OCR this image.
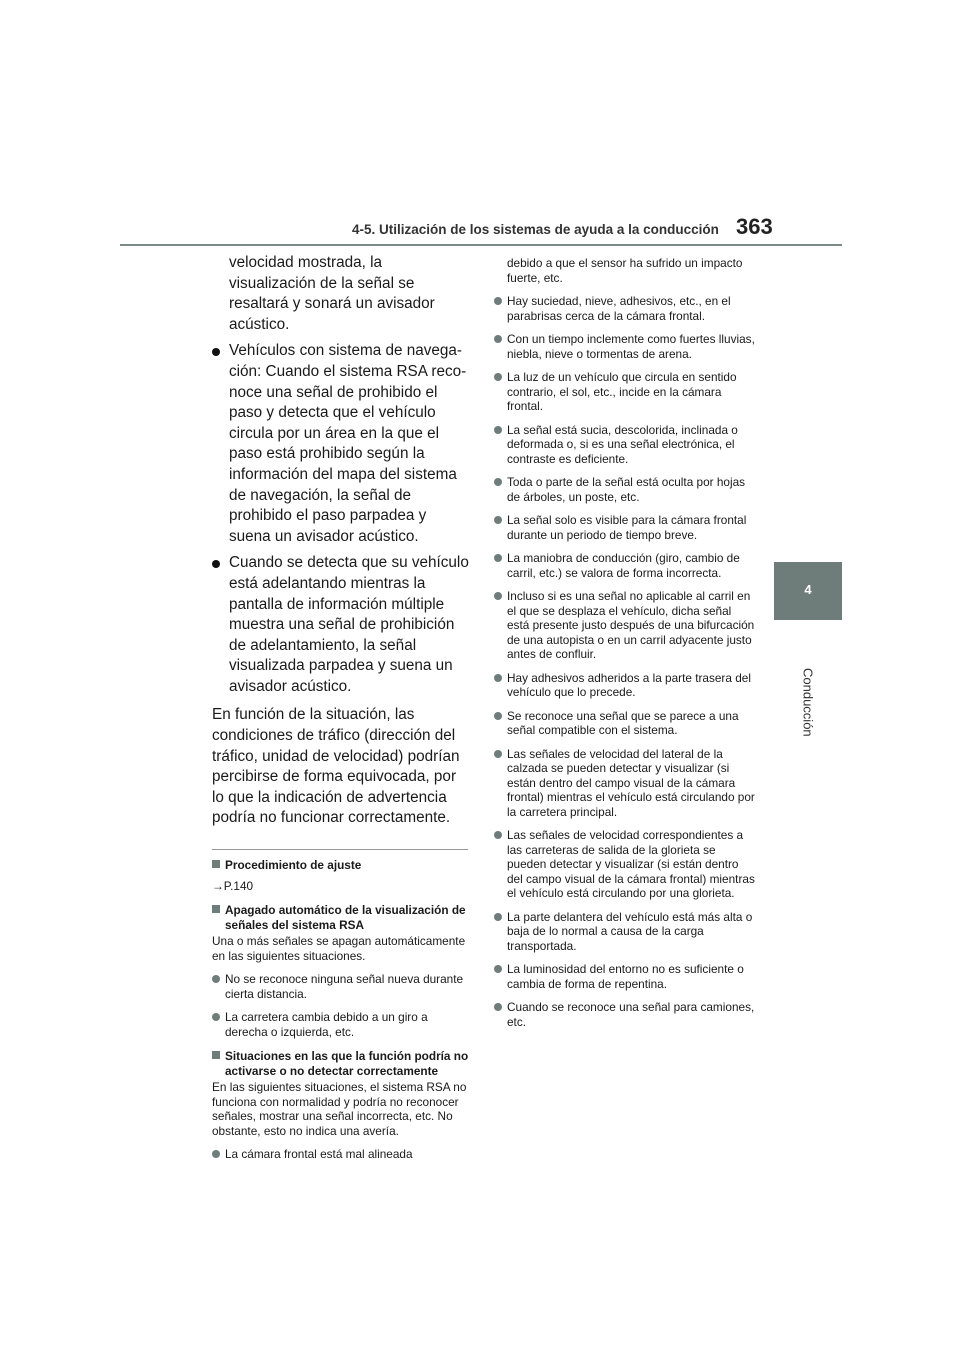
4-5. Utilización de los sistemas de ayuda a la conducción 363
4
Conducción

velocidad mostrada, la visualización de la señal se resaltará y sonará un avisador acústico.

Vehículos con sistema de navegación: Cuando el sistema RSA reconoce una señal de prohibido el paso y detecta que el vehículo circula por un área en la que el paso está prohibido según la información del mapa del sistema de navegación, la señal de prohibido el paso parpadea y suena un avisador acústico.
Cuando se detecta que su vehículo está adelantando mientras la pantalla de información múltiple muestra una señal de prohibición de adelantamiento, la señal visualizada parpadea y suena un avisador acústico.

En función de la situación, las condiciones de tráfico (dirección del tráfico, unidad de velocidad) podrían percibirse de forma equivocada, por lo que la indicación de advertencia podría no funcionar correctamente.

Procedimiento de ajuste

→P.140

Apagado automático de la visualización de señales del sistema RSA

Una o más señales se apagan automáticamente en las siguientes situaciones.

No se reconoce ninguna señal nueva durante cierta distancia.
La carretera cambia debido a un giro a derecha o izquierda, etc.
Situaciones en las que la función podría no activarse o no detectar correctamente

En las siguientes situaciones, el sistema RSA no funciona con normalidad y podría no reconocer señales, mostrar una señal incorrecta, etc. No obstante, esto no indica una avería.

La cámara frontal está mal alineada

debido a que el sensor ha sufrido un impacto fuerte, etc.

Hay suciedad, nieve, adhesivos, etc., en el parabrisas cerca de la cámara frontal.
Con un tiempo inclemente como fuertes lluvias, niebla, nieve o tormentas de arena.
La luz de un vehículo que circula en sentido contrario, el sol, etc., incide en la cámara frontal.
La señal está sucia, descolorida, inclinada o deformada o, si es una señal electrónica, el contraste es deficiente.
Toda o parte de la señal está oculta por hojas de árboles, un poste, etc.
La señal solo es visible para la cámara frontal durante un periodo de tiempo breve.
La maniobra de conducción (giro, cambio de carril, etc.) se valora de forma incorrecta.
Incluso si es una señal no aplicable al carril en el que se desplaza el vehículo, dicha señal está presente justo después de una bifurcación de una autopista o en un carril adyacente justo antes de confluir.
Hay adhesivos adheridos a la parte trasera del vehículo que lo precede.
Se reconoce una señal que se parece a una señal compatible con el sistema.
Las señales de velocidad del lateral de la calzada se pueden detectar y visualizar (si están dentro del campo visual de la cámara frontal) mientras el vehículo está circulando por la carretera principal.
Las señales de velocidad correspondientes a las carreteras de salida de la glorieta se pueden detectar y visualizar (si están dentro del campo visual de la cámara frontal) mientras el vehículo está circulando por una glorieta.
La parte delantera del vehículo está más alta o baja de lo normal a causa de la carga transportada.
La luminosidad del entorno no es suficiente o cambia de forma de repentina.
Cuando se reconoce una señal para camiones, etc.
